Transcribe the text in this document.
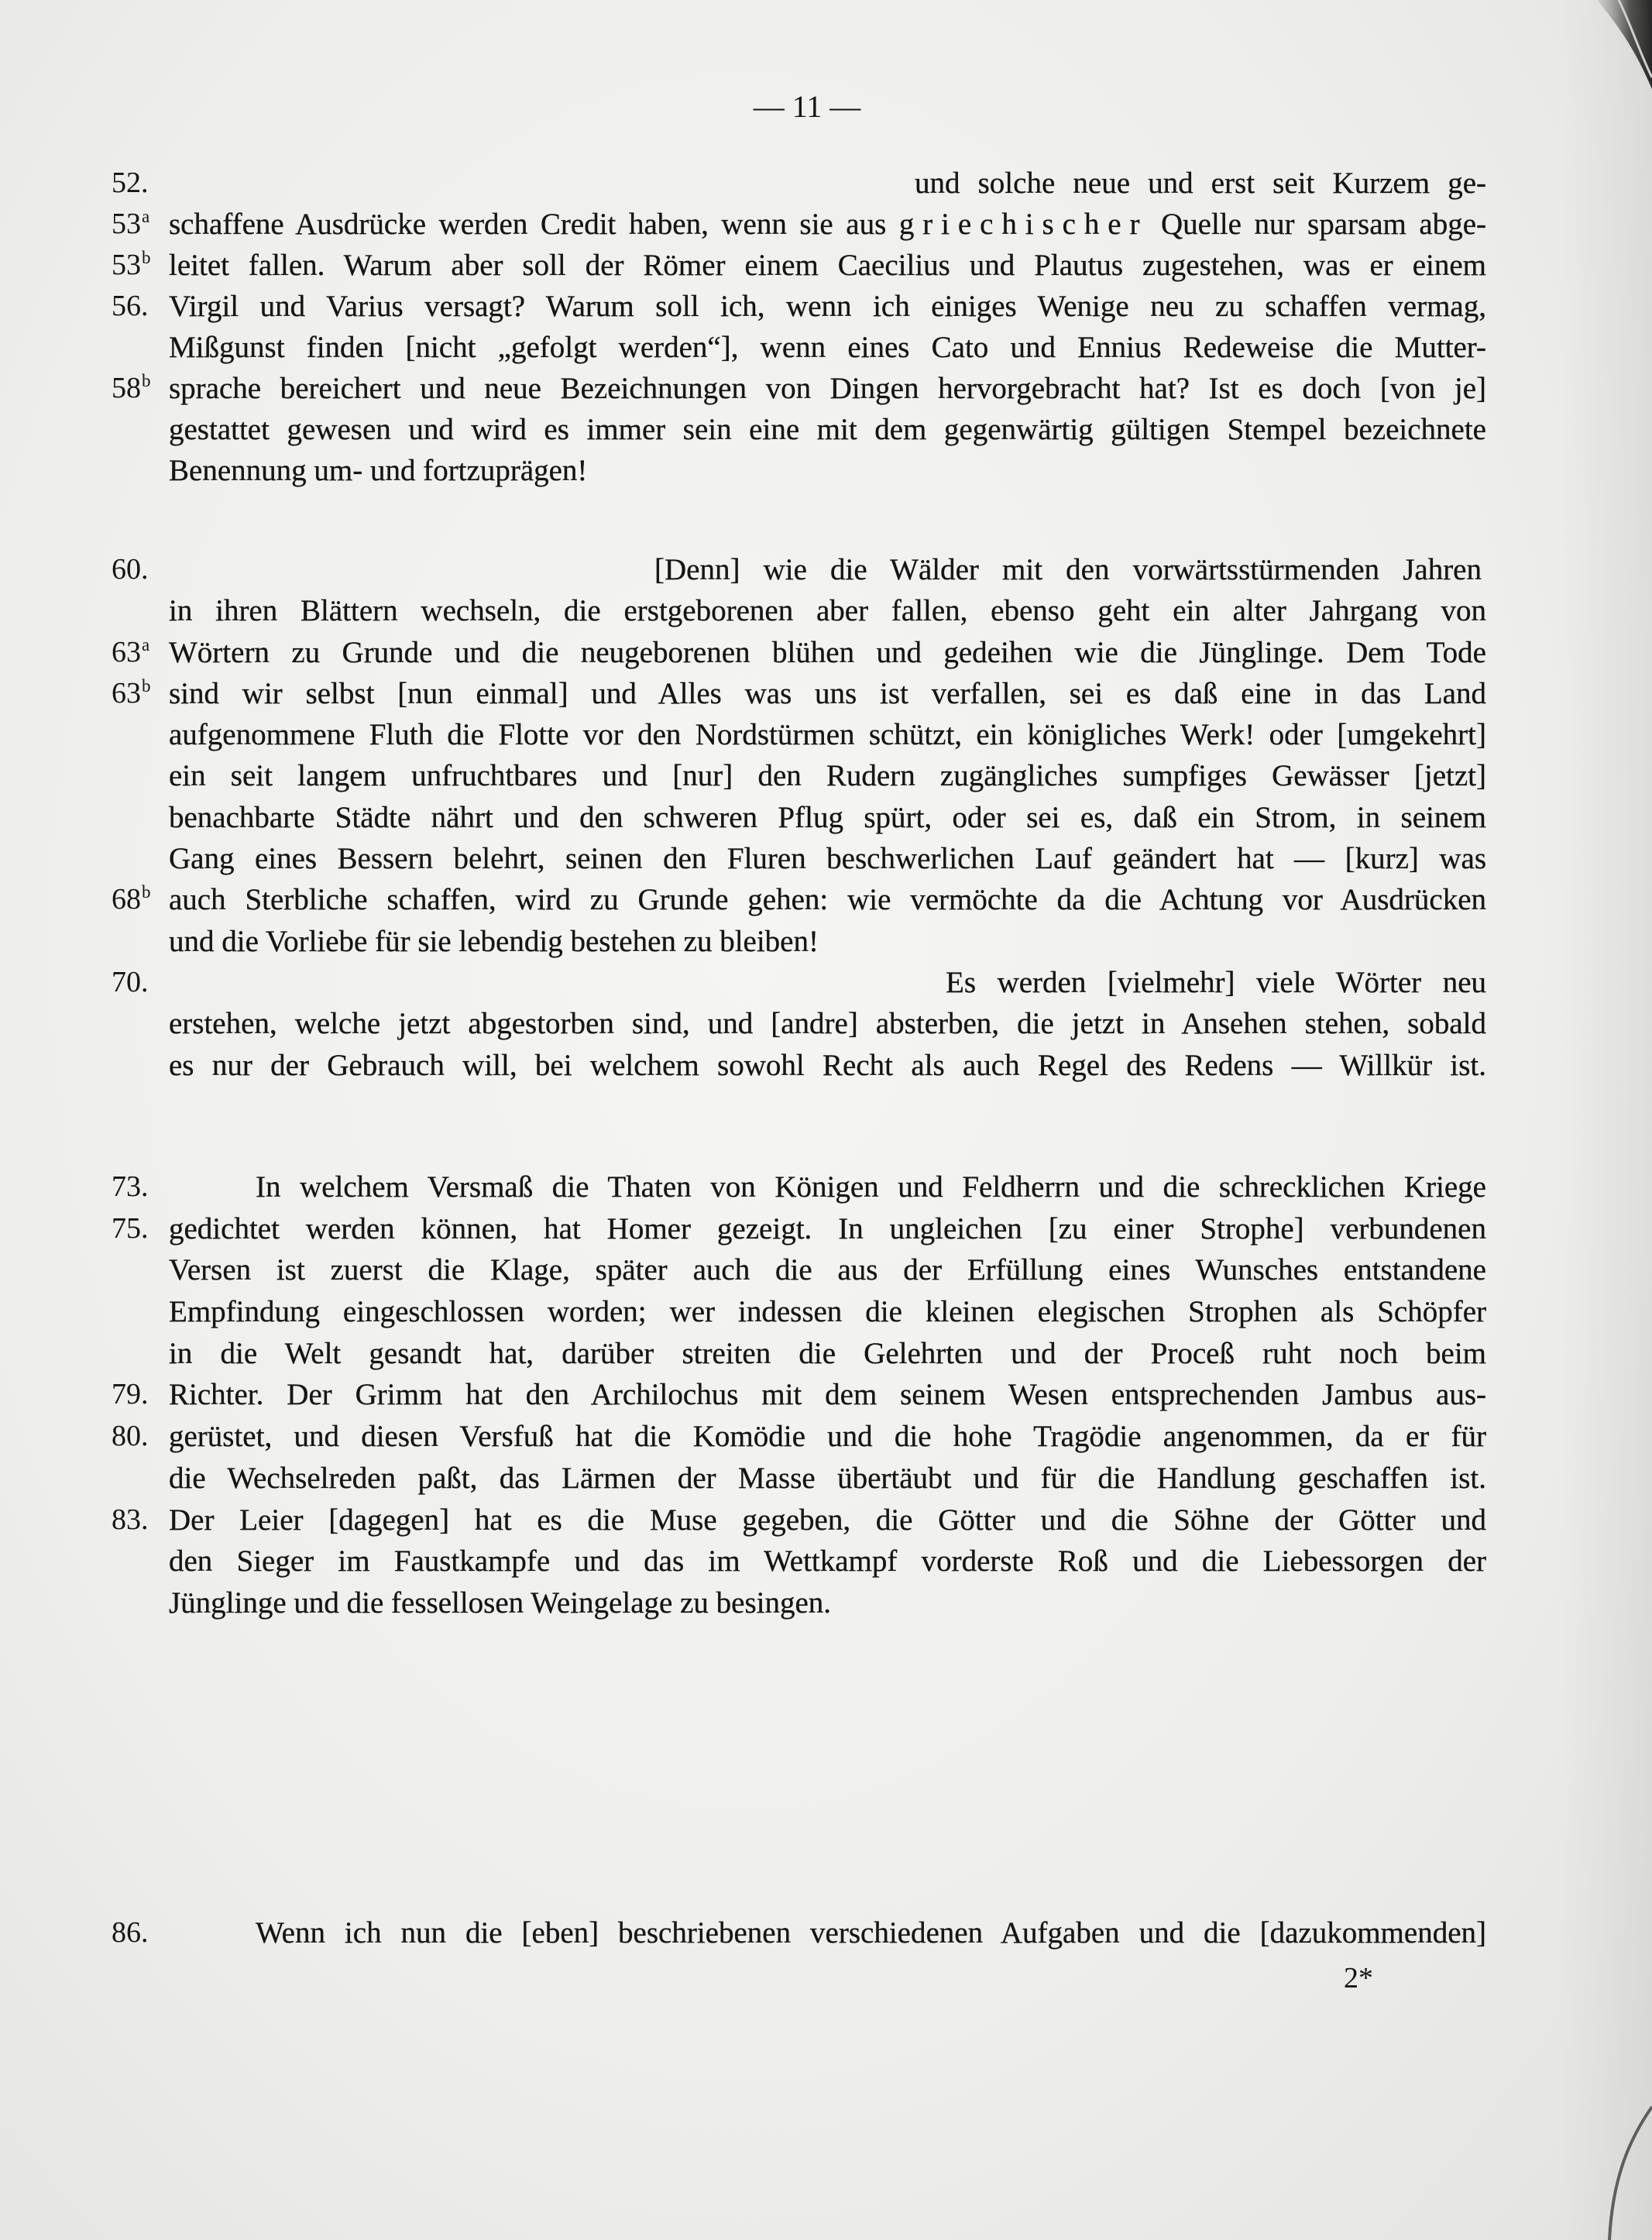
— 11 —
52.	und solche neue und erst seit Kurzem ge-
53$^a$ schaffene Ausdrücke werden Credit haben, wenn sie aus griechischer Quelle nur sparsam abge-
53$^b$ leitet fallen. Warum aber soll der Römer einem Caecilius und Plautus zugestehen, was er einem
56. Virgil und Varius versagt? Warum soll ich, wenn ich einiges Wenige neu zu schaffen vermag,
Mißgunst finden [nicht „gefolgt werden“], wenn eines Cato und Ennius Redeweise die Mutter-
58$^b$ sprache bereichert und neue Bezeichnungen von Dingen hervorgebracht hat? Ist es doch [von je]
gestattet gewesen und wird es immer sein eine mit dem gegenwärtig gültigen Stempel bezeichnete
Benennung um- und fortzuprägen!
60.	[Denn] wie die Wälder mit den vorwärtsstürmenden Jahren
in ihren Blättern wechseln, die erstgeborenen aber fallen, ebenso geht ein alter Jahrgang von
63$^a$ Wörtern zu Grunde und die neugeborenen blühen und gedeihen wie die Jünglinge. Dem Tode
63$^b$ sind wir selbst [nun einmal] und Alles was uns ist verfallen, sei es daß eine in das Land
aufgenommene Fluth die Flotte vor den Nordstürmen schützt, ein königliches Werk! oder [umgekehrt]
ein seit langem unfruchtbares und [nur] den Rudern zugängliches sumpfiges Gewässer [jetzt]
benachbarte Städte nährt und den schweren Pflug spürt, oder sei es, daß ein Strom, in seinem
Gang eines Bessern belehrt, seinen den Fluren beschwerlichen Lauf geändert hat — [kurz] was
68$^b$ auch Sterbliche schaffen, wird zu Grunde gehen: wie vermöchte da die Achtung vor Ausdrücken
und die Vorliebe für sie lebendig bestehen zu bleiben!
70.	Es werden [vielmehr] viele Wörter neu
erstehen, welche jetzt abgestorben sind, und [andre] absterben, die jetzt in Ansehen stehen, sobald
es nur der Gebrauch will, bei welchem sowohl Recht als auch Regel des Redens — Willkür ist.
73.	In welchem Versmaß die Thaten von Königen und Feldherrn und die schrecklichen Kriege
75. gedichtet werden können, hat Homer gezeigt. In ungleichen [zu einer Strophe] verbundenen
Versen ist zuerst die Klage, später auch die aus der Erfüllung eines Wunsches entstandene
Empfindung eingeschlossen worden; wer indessen die kleinen elegischen Strophen als Schöpfer
in die Welt gesandt hat, darüber streiten die Gelehrten und der Proceß ruht noch beim
79. Richter. Der Grimm hat den Archilochus mit dem seinem Wesen entsprechenden Jambus aus-
80. gerüstet, und diesen Versfuß hat die Komödie und die hohe Tragödie angenommen, da er für
die Wechselreden paßt, das Lärmen der Masse übertäubt und für die Handlung geschaffen ist.
83. Der Leier [dagegen] hat es die Muse gegeben, die Götter und die Söhne der Götter und
den Sieger im Faustkampfe und das im Wettkampf vorderste Roß und die Liebessorgen der
Jünglinge und die fessellosen Weingelage zu besingen.
86.	Wenn ich nun die [eben] beschriebenen verschiedenen Aufgaben und die [dazukommenden]
2*
